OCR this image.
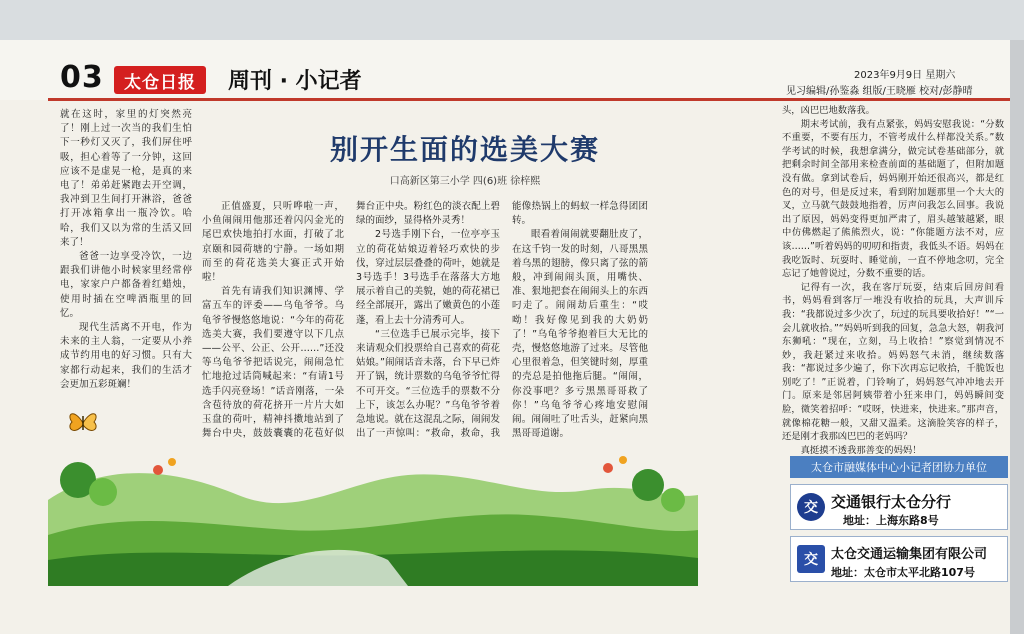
03	太仓日报	周刊 · 小记者	2023年9月9日 星期六
见习编辑/孙鉴淼 组版/王晓雁 校对/彭静晴

就在这时，家里的灯突然亮了！刚上过一次当的我们生怕下一秒灯又灭了，我们屏住呼吸，担心着等了一分钟，这回应该不是虚晃一枪，是真的来电了！弟弟赶紧跑去开空调，我冲到卫生间打开淋浴，爸爸打开冰箱拿出一瓶冷饮。哈哈，我们又以为常的生活又回来了！

爸爸一边享受冷饮，一边跟我们讲他小时候家里经常停电，家家户户都备着红蜡烛，使用时插在空啤酒瓶里的回忆。

现代生活离不开电，作为未来的主人翁，一定要从小养成节约用电的好习惯。只有大家都行动起来，我们的生活才会更加五彩斑斓！

别开生面的选美大赛
口高新区第三小学 四(6)班 徐梓熙

正值盛夏，只听哗啦一声，小鱼闹闹用他那还着闪闪金光的尾巴欢快地拍打水面，打破了北京颐和园荷塘的宁静。一场如期而至的荷花选美大赛正式开始啦！

首先有请我们知识渊博、学富五车的评委——乌龟爷爷。乌龟爷爷慢悠悠地说：“今年的荷花选美大赛，我们要遵守以下几点——公平、公正、公开……”还没等乌龟爷爷把话说完，闹闹急忙忙地抢过话筒喊起来：“有请1号选手闪亮登场！”话音刚落，一朵含苞待放的荷花挤开一片片大如玉盘的荷叶，精神抖擞地站到了舞台中央，鼓鼓囊囊的花苞好似

舞台正中央。粉红色的淡衣配上碧绿的面纱，显得格外灵秀！

2号选手刚下台，一位亭亭玉立的荷花姑娘迈着轻巧欢快的步伐，穿过层层叠叠的荷叶，她就是3号选手！3号选手在落落大方地展示着自己的美貌，她的荷花裙已经全部展开，露出了嫩黄色的小莲蓬，看上去十分清秀可人。

“三位选手已展示完毕，接下来请观众们投票给自己喜欢的荷花姑娘。”闹闹话音未落，台下早已炸开了锅，统计票数的乌龟爷爷忙得不可开交。“三位选手的票数不分上下，该怎么办呢？”乌龟爷爷着急地说。就在这混乱之际，闹闹发出了一声惊叫：“救命，救命，我

能像热锅上的蚂蚁一样急得团团转。

眼看着闹闹就要翻肚皮了，在这千钧一发的时刻，八哥黑黑着乌黑的翅膀，像只离了弦的箭般，冲到闹闹头顶，用嘴快、准、狠地把套在闹闹头上的东西叼走了。闹闹劫后重生：“哎呦！我好像见到我的大奶奶了！”乌龟爷爷抱着巨大无比的壳，慢悠悠地游了过来。尽管他心里很着急，但笑键时刻，厚重的壳总是拍他拖后腿。“闹闹，你没事吧？多亏黑黑哥哥救了你！”乌龟爷爷心疼地安慰闹闹。闹闹吐了吐舌头，赶紧向黑黑哥哥道谢。

头，凶巴巴地数落我。

期末考试前，我有点紧张，妈妈安慰我说：“分数不重要，不要有压力，不管考成什么样都没关系。”数学考试的时候，我想拿满分，做完试卷基础部分，就把剩余时间全部用来检查前面的基础题了，但附加题没有做。拿到试卷后，妈妈刚开始还很高兴，都是红色的对号，但是反过来，看到附加题那里一个大大的叉，立马就气鼓鼓地指着，厉声问我怎么回事。我说出了原因，妈妈变得更加严肃了，眉头越皱越紧，眼中仿佛燃起了熊熊烈火，说：“你能题方法不对，应该……”听着妈妈的叨叨和指责，我低头不语。妈妈在我吃饭时、玩耍时、睡觉前，一直不停地念叨，完全忘记了她曾说过，分数不重要的话。

记得有一次，我在客厅玩耍，结束后回房间看书，妈妈看到客厅一堆没有收拾的玩具，大声训斥我：“我都说过多少次了，玩过的玩具要收拾好！”“一会儿就收拾。”“妈妈听到我的回复，急急大怒，朝我河东狮吼：“现在，立刻，马上收拾！”察觉到情况不妙，我赶紧过来收拾。妈妈怒气未消，继续数落我：“都说过多少遍了，你下次再忘记收拾，千脆饭也别吃了！”正说着，门铃响了，妈妈怒气冲冲地去开门。原来是邻居阿姨带着小狂来串门，妈妈瞬间变脸，微笑着招呼：“哎呀，快进来，快进来。”那声音，就像棉花糖一般，又甜又温柔。这滴脸笑容的样子，还是刚才我那凶巴巴的老妈吗？

真挺摸不透我那善变的妈妈！

太仓市融媒体中心小记者团协力单位
交 交通银行太仓分行
地址：上海东路8号
交	太仓交通运输集团有限公司
地址：太仓市太平北路107号
